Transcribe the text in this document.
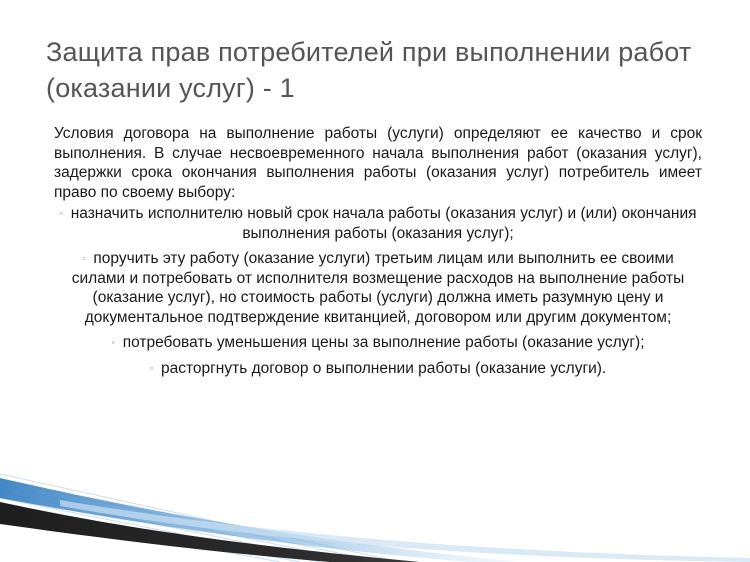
Защита прав потребителей при выполнении работ (оказании услуг) - 1

Условия договора на выполнение работы (услуги) определяют ее качество и срок выполнения. В случае несвоевременного начала выполнения работ (оказания услуг), задержки срока окончания выполнения работы (оказания услуг) потребитель имеет право по своему выбору:

▫ назначить исполнителю новый срок начала работы (оказания услуг) и (или) окончания выполнения работы (оказания услуг);
▫ поручить эту работу (оказание услуги) третьим лицам или выполнить ее своими силами и потребовать от исполнителя возмещение расходов на выполнение работы (оказание услуг), но стоимость работы (услуги) должна иметь разумную цену и документальное подтверждение квитанцией, договором или другим документом;
▫ потребовать уменьшения цены за выполнение работы (оказание услуг);
▫ расторгнуть договор о выполнении работы (оказание услуги).
